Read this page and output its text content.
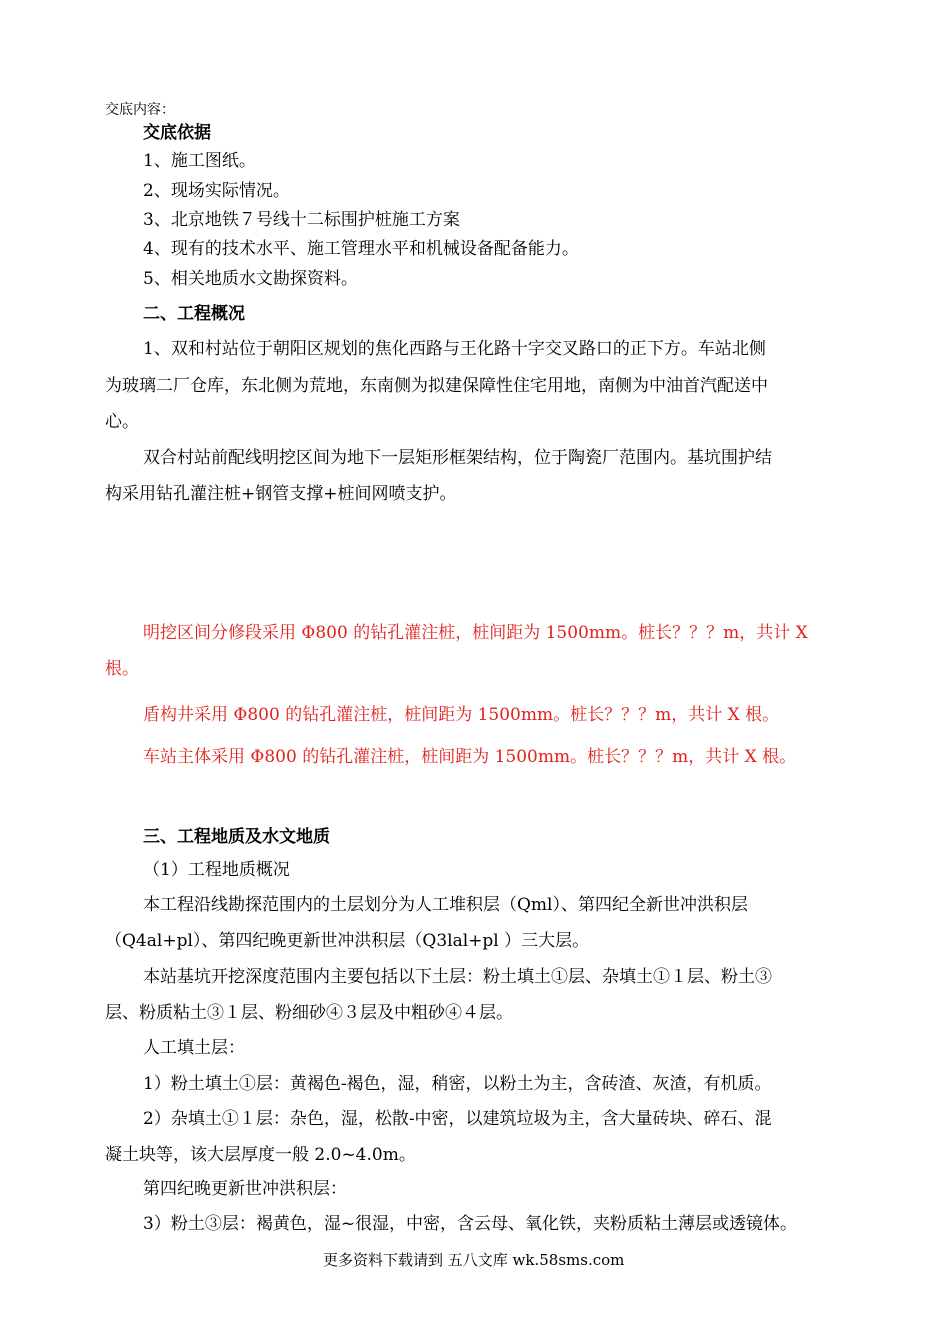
交底内容：
交底依据
1、施工图纸。
2、现场实际情况。
3、北京地铁７号线十二标围护桩施工方案
4、现有的技术水平、施工管理水平和机械设备配备能力。
5、相关地质水文勘探资料。
二、工程概况
1、双和村站位于朝阳区规划的焦化西路与王化路十字交叉路口的正下方。车站北侧
为玻璃二厂仓库，东北侧为荒地，东南侧为拟建保障性住宅用地，南侧为中油首汽配送中
心。
双合村站前配线明挖区间为地下一层矩形框架结构，位于陶瓷厂范围内。基坑围护结
构采用钻孔灌注桩+钢管支撑+桩间网喷支护。
明挖区间分修段采用 Φ800 的钻孔灌注桩，桩间距为 1500mm。桩长？？？m，共计 X
根。
盾构井采用 Φ800 的钻孔灌注桩，桩间距为 1500mm。桩长？？？m，共计 X 根。
车站主体采用 Φ800 的钻孔灌注桩，桩间距为 1500mm。桩长？？？m，共计 X 根。
三、工程地质及水文地质
（1）工程地质概况
本工程沿线勘探范围内的土层划分为人工堆积层（Qml）、第四纪全新世冲洪积层
（Q4al+pl）、第四纪晚更新世冲洪积层（Q3lal+pl ）三大层。
本站基坑开挖深度范围内主要包括以下土层：粉土填土①层、杂填土①１层、粉土③
层、粉质粘土③１层、粉细砂④３层及中粗砂④４层。
人工填土层：
1）粉土填土①层：黄褐色-褐色，湿，稍密，以粉土为主，含砖渣、灰渣，有机质。
2）杂填土①１层：杂色，湿，松散-中密，以建筑垃圾为主，含大量砖块、碎石、混
凝土块等，该大层厚度一般 2.0~4.0m。
第四纪晚更新世冲洪积层：
3）粉土③层：褐黄色，湿~很湿，中密，含云母、氧化铁，夹粉质粘土薄层或透镜体。
更多资料下载请到 五八文库 wk.58sms.com
